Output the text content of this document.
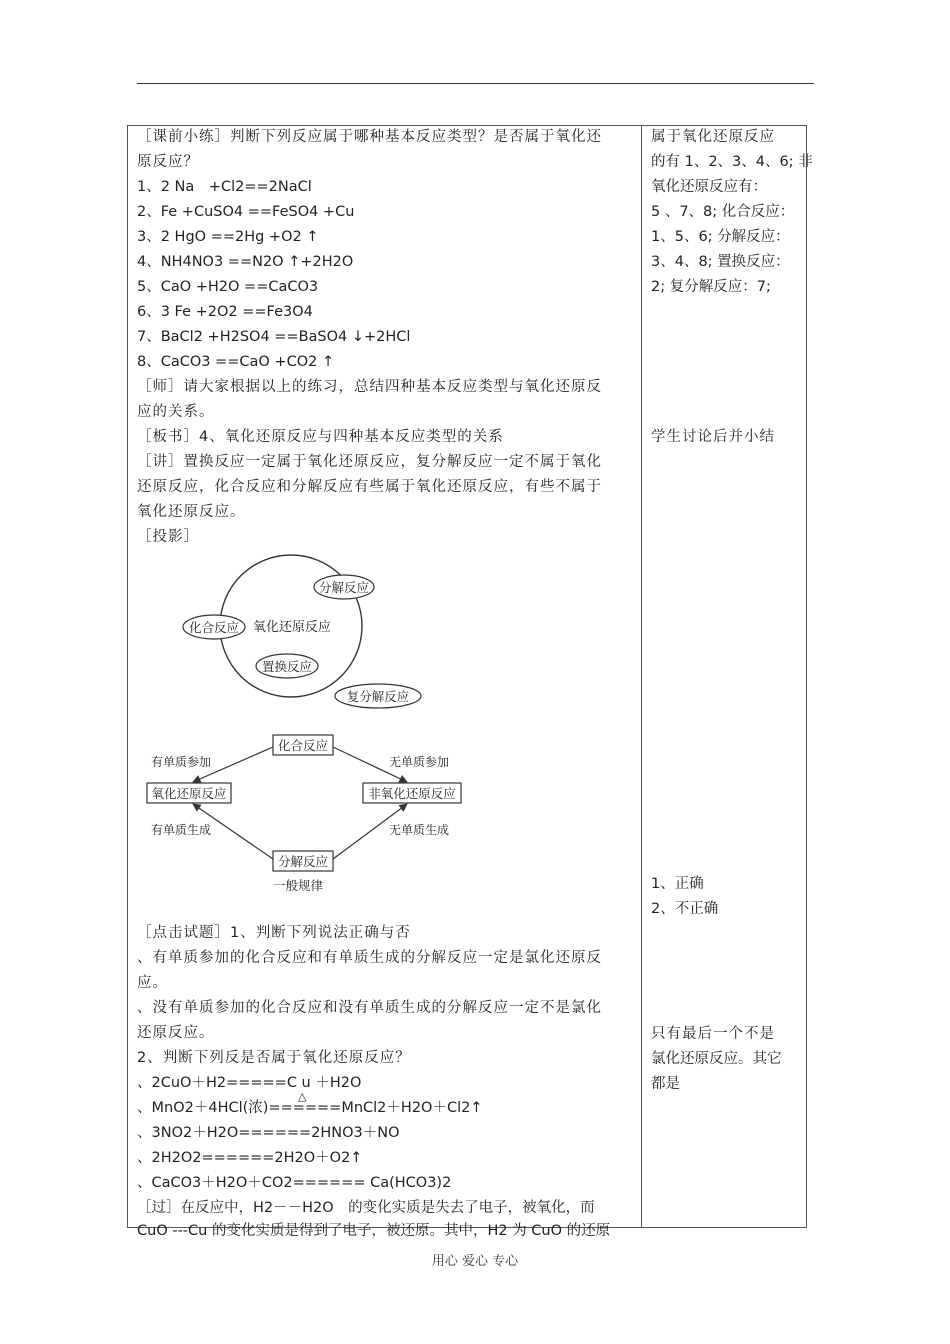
［课前小练］判断下列反应属于哪种基本反应类型？是否属于氧化还
原反应？
1、2 Na　+Cl2==2NaCl
2、Fe +CuSO4 ==FeSO4 +Cu
3、2 HgO ==2Hg +O2 ↑
4、NH4NO3 ==N2O ↑+2H2O
5、CaO +H2O ==CaCO3
6、3 Fe +2O2 ==Fe3O4
7、BaCl2 +H2SO4 ==BaSO4 ↓+2HCl
8、CaCO3 ==CaO +CO2 ↑
［师］请大家根据以上的练习，总结四种基本反应类型与氧化还原反
应的关系。
［板书］4、氧化还原反应与四种基本反应类型的关系
［讲］置换反应一定属于氧化还原反应，复分解反应一定不属于氧化
还原反应，化合反应和分解反应有些属于氧化还原反应，有些不属于
氧化还原反应。
［投影］
氧化还原反应
分解反应
化合反应
置换反应
复分解反应
化合反应
氧化还原反应	非氧化还原反应
分解反应
有单质参加	无单质参加
有单质生成	无单质生成
一般规律
［点击试题］1、判断下列说法正确与否
、有单质参加的化合反应和有单质生成的分解反应一定是氯化还原反
应。
、没有单质参加的化合反应和没有单质生成的分解反应一定不是氯化
还原反应。
2、判断下列反是否属于氧化还原反应？
、2CuO＋H2=====C u ＋H2O
△
、MnO2＋4HCl(浓)======MnCl2＋H2O＋Cl2↑
、3NO2＋H2O======2HNO3＋NO
、2H2O2======2H2O＋O2↑
、CaCO3＋H2O＋CO2====== Ca(HCO3)2
［过］在反应中，H2－－H2O　的变化实质是失去了电子，被氧化，而
CuO ---Cu 的变化实质是得到了电子，被还原。其中，H2 为 CuO 的还原
属于氧化还原反应
的有 1、2、3、4、6; 非
氧化还原反应有：
5 、7、8; 化合反应：
1、5、6; 分解反应：
3、4、8; 置换反应：
2; 复分解反应：7;
学生讨论后并小结
1、正确
2、不正确
只有最后一个不是
氯化还原反应。其它
都是
用心 爱心 专心
